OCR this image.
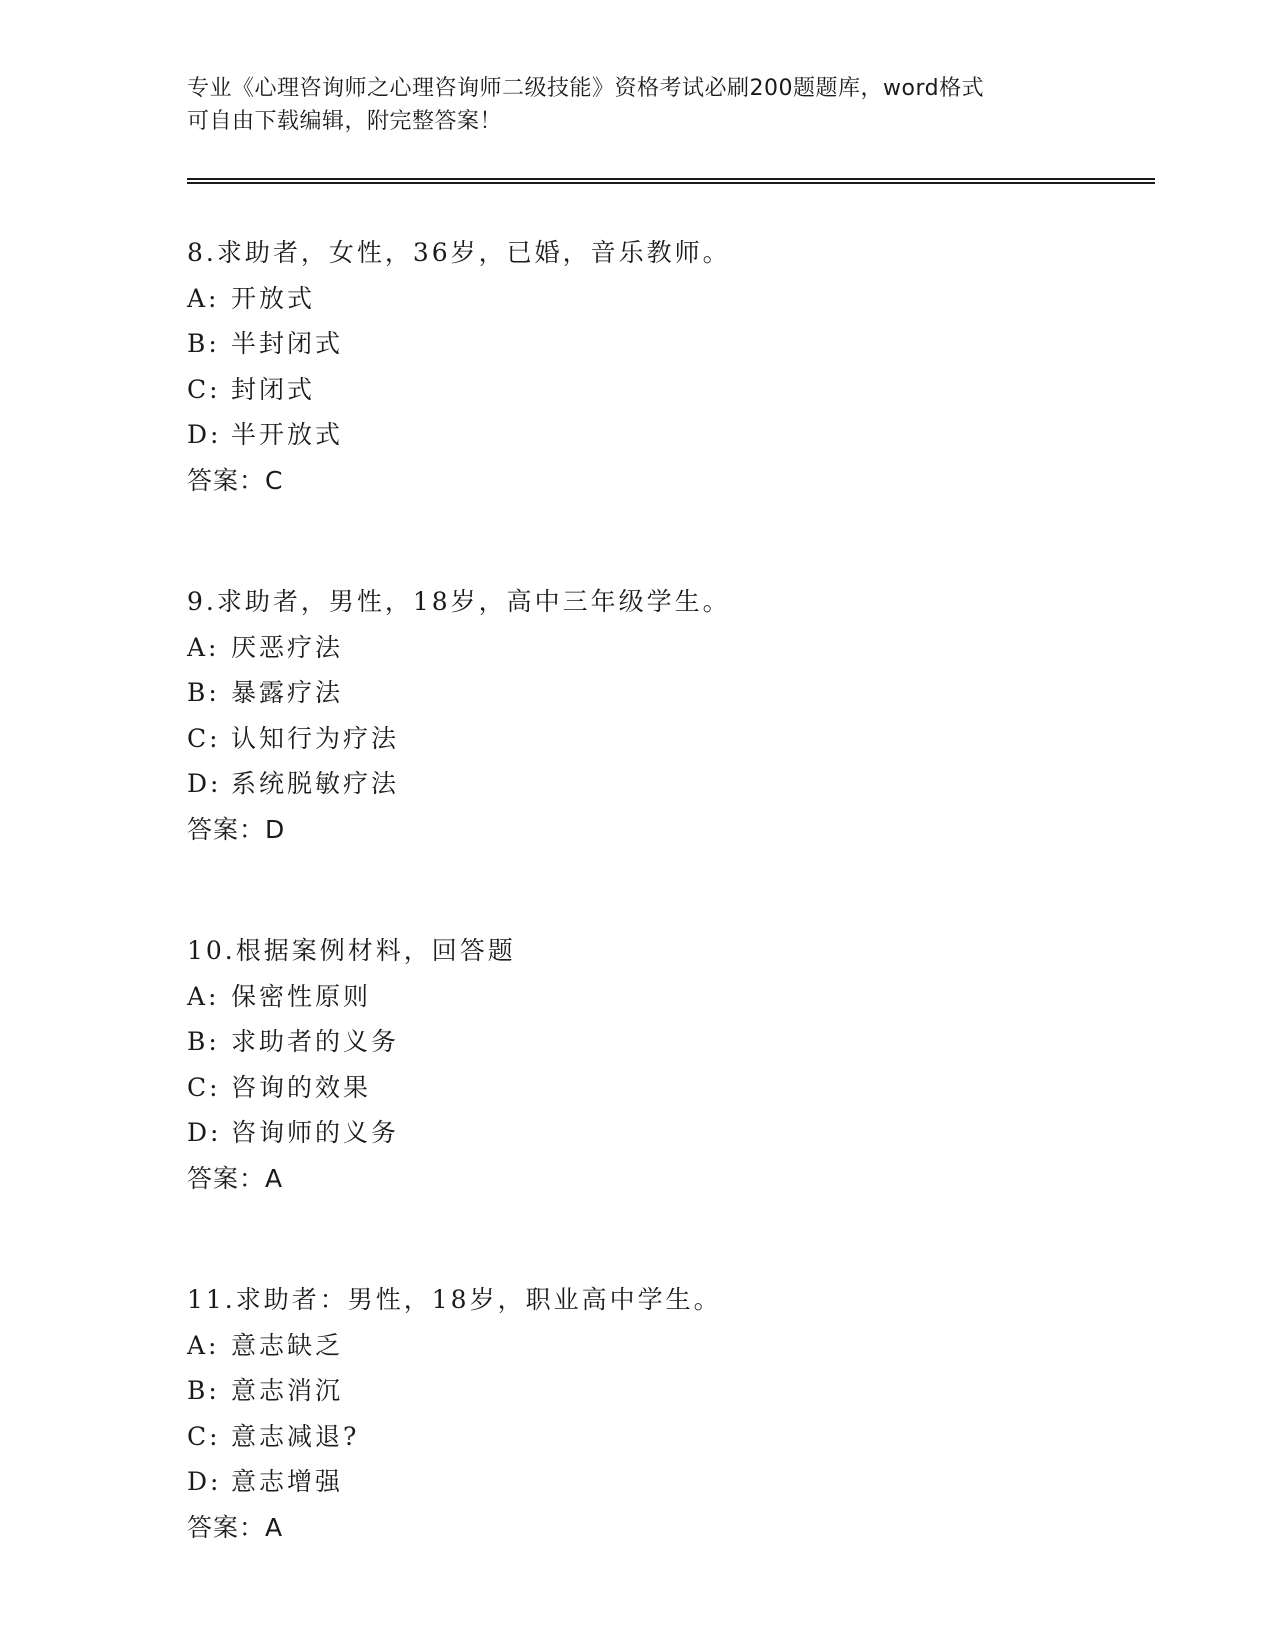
专业《心理咨询师之心理咨询师二级技能》资格考试必刷200题题库，word格式
可自由下载编辑，附完整答案！
8.求助者，女性，36岁，已婚，音乐教师。
A: 开放式
B: 半封闭式
C: 封闭式
D: 半开放式
答案：C
9.求助者，男性，18岁，高中三年级学生。
A: 厌恶疗法
B: 暴露疗法
C: 认知行为疗法
D: 系统脱敏疗法
答案：D
10.根据案例材料，回答题
A: 保密性原则
B: 求助者的义务
C: 咨询的效果
D: 咨询师的义务
答案：A
11.求助者：男性，18岁，职业高中学生。
A: 意志缺乏
B: 意志消沉
C: 意志减退?
D: 意志增强
答案：A
